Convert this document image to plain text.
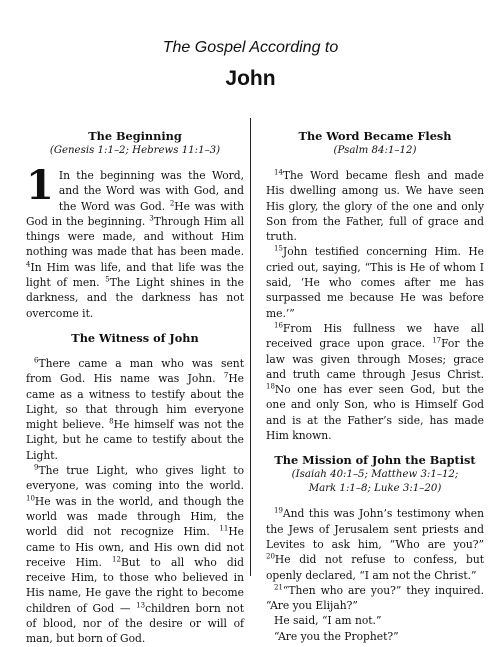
The Gospel According to
John
The Beginning
(Genesis 1:1–2; Hebrews 11:1–3)

1 In the beginning was the Word, and the Word was with God, and the Word was God. $^2$He was with God in the beginning. $^3$Through Him all things were made, and without Him nothing was made that has been made. $^4$In Him was life, and that life was the light of men. $^5$The Light shines in the darkness, and the darkness has not overcome it.

The Witness of John

$^6$There came a man who was sent from God. His name was John. $^7$He came as a witness to testify about the Light, so that through him everyone might believe. $^8$He himself was not the Light, but he came to testify about the Light.

$^9$The true Light, who gives light to everyone, was coming into the world. $^{10}$He was in the world, and though the world was made through Him, the world did not recognize Him. $^{11}$He came to His own, and His own did not receive Him. $^{12}$But to all who did receive Him, to those who believed in His name, He gave the right to become children of God — $^{13}$children born not of blood, nor of the desire or will of man, but born of God.

The Word Became Flesh
(Psalm 84:1–12)

$^{14}$The Word became flesh and made His dwelling among us. We have seen His glory, the glory of the one and only Son from the Father, full of grace and truth.

$^{15}$John testified concerning Him. He cried out, saying, “This is He of whom I said, ‘He who comes after me has surpassed me because He was before me.’”

$^{16}$From His fullness we have all received grace upon grace. $^{17}$For the law was given through Moses; grace and truth came through Jesus Christ. $^{18}$No one has ever seen God, but the one and only Son, who is Himself God and is at the Father’s side, has made Him known.

The Mission of John the Baptist
(Isaiah 40:1–5; Matthew 3:1–12;
Mark 1:1–8; Luke 3:1–20)

$^{19}$And this was John’s testimony when the Jews of Jerusalem sent priests and Levites to ask him, “Who are you?” $^{20}$He did not refuse to confess, but openly declared, “I am not the Christ.”

$^{21}$“Then who are you?” they inquired. “Are you Elijah?”

He said, “I am not.”

“Are you the Prophet?”
